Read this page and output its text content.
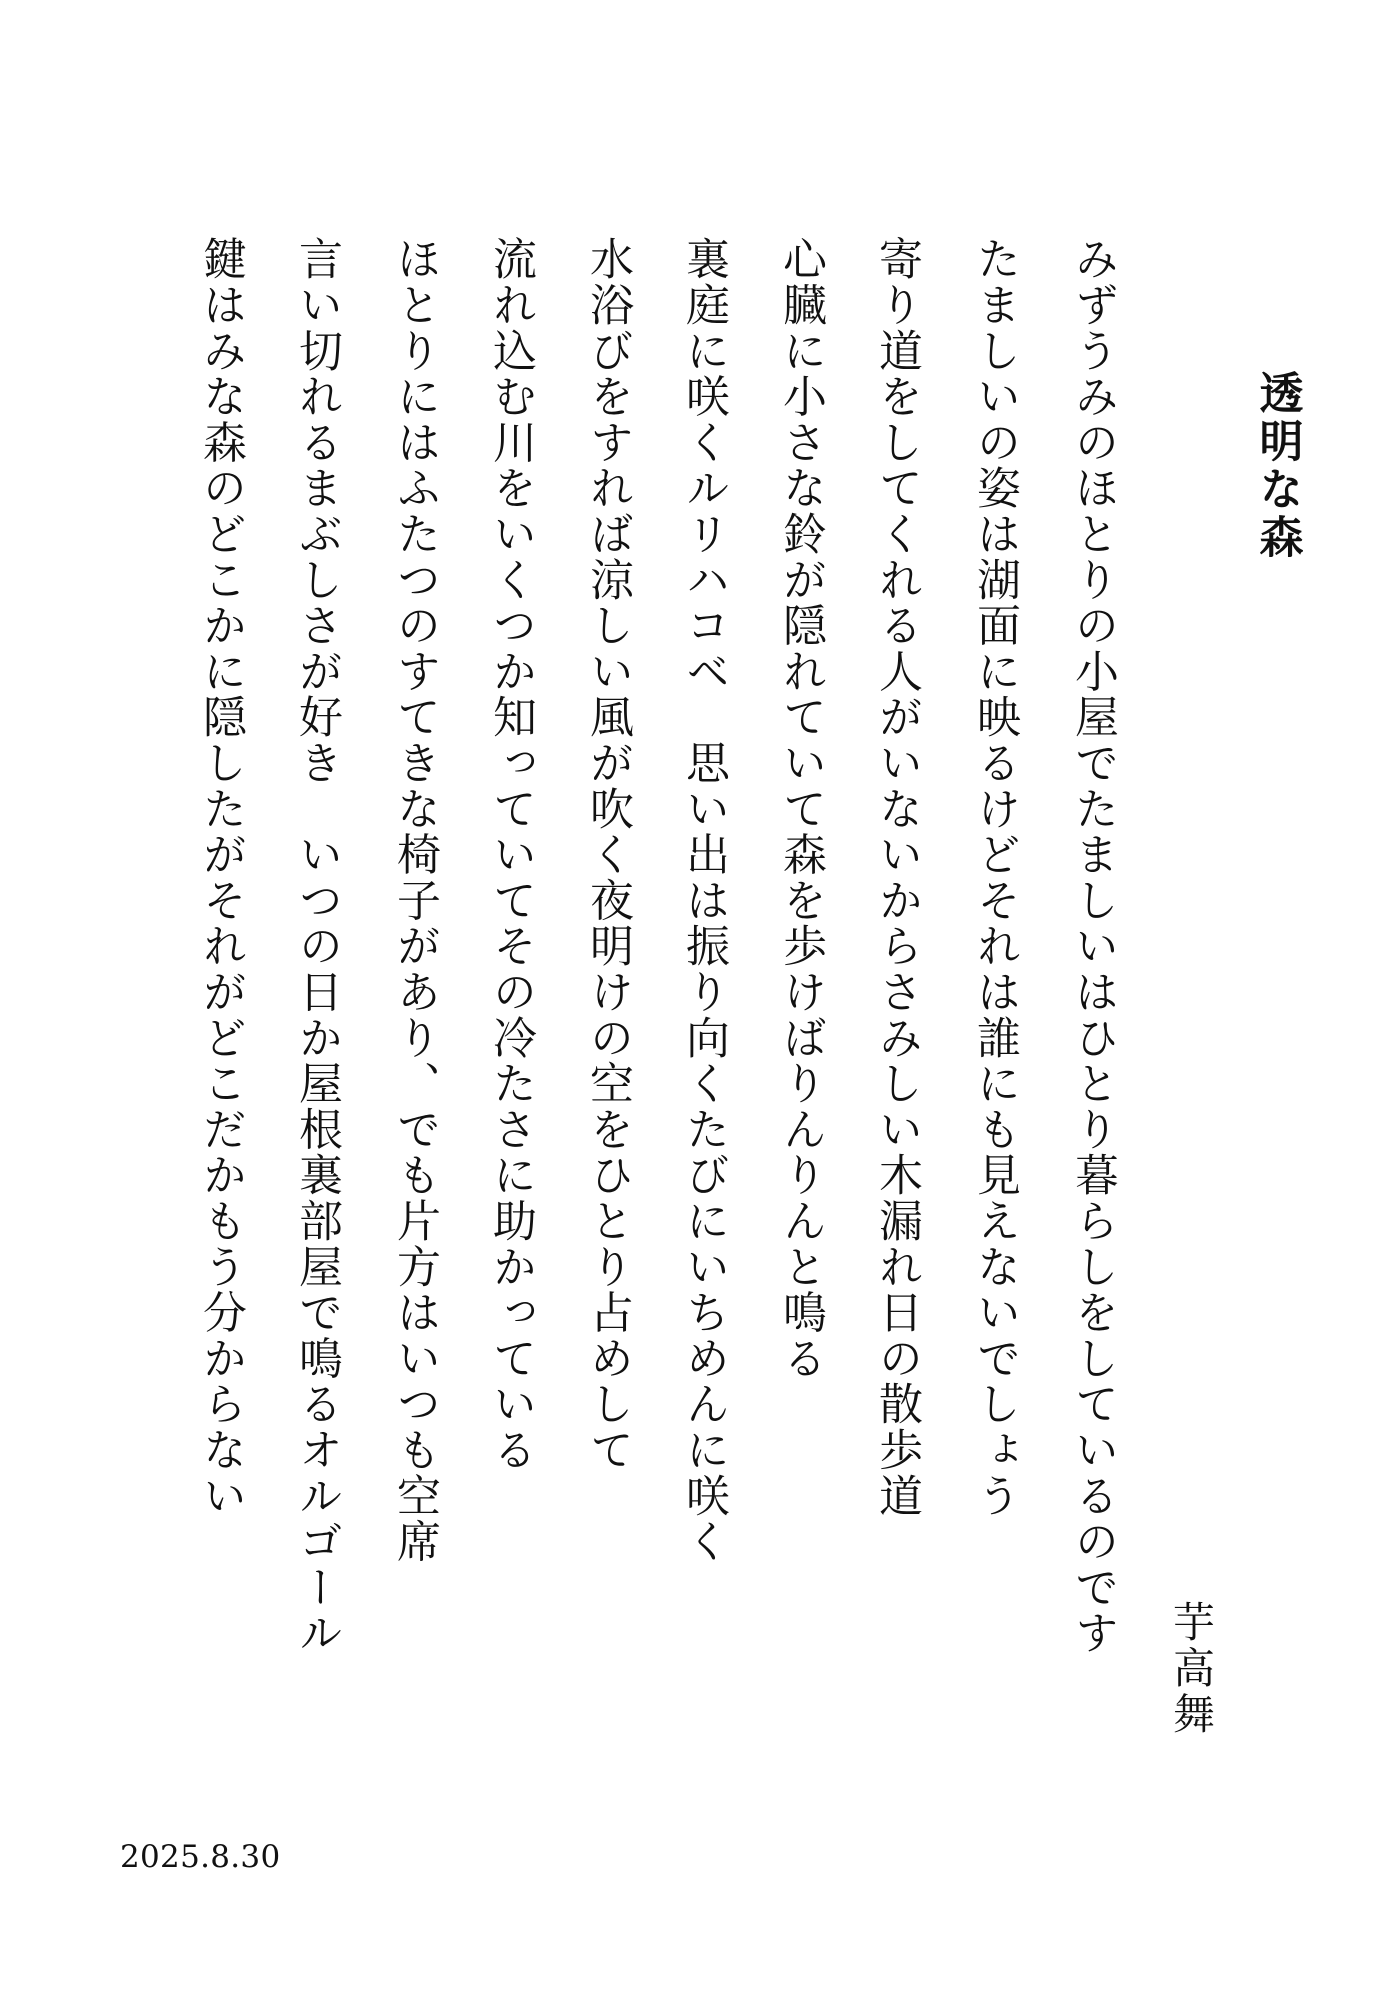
透明な森
みずうみのほとりの小屋でたましいはひとり暮らしをしているのです
たましいの姿は湖面に映るけどそれは誰にも見えないでしょう
寄り道をしてくれる人がいないからさみしい木漏れ日の散歩道
心臓に小さな鈴が隠れていて森を歩けばりんりんと鳴る
裏庭に咲くルリハコベ　思い出は振り向くたびにいちめんに咲く
水浴びをすれば涼しい風が吹く夜明けの空をひとり占めして
流れ込む川をいくつか知っていてその冷たさに助かっている
ほとりにはふたつのすてきな椅子があり、でも片方はいつも空席
言い切れるまぶしさが好き　いつの日か屋根裏部屋で鳴るオルゴール
鍵はみな森のどこかに隠したがそれがどこだかもう分からない
芋高舞
2025.8.30
